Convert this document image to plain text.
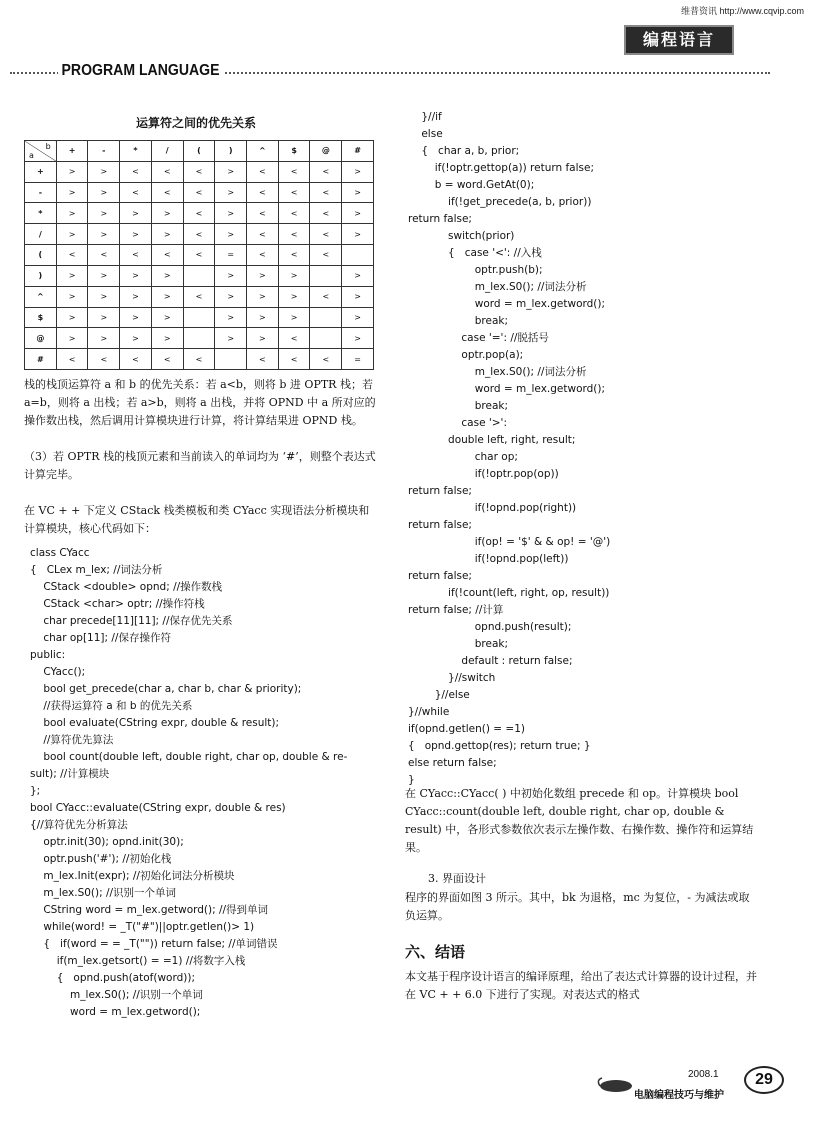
维普资讯 http://www.cqvip.com
编程语言
PROGRAM LANGUAGE
运算符之间的优先关系
b
a	+	-	*	/	(	)	^	$	@	#
+	>	>	<	<	<	>	<	<	<	>
-	>	>	<	<	<	>	<	<	<	>
*	>	>	>	>	<	>	<	<	<	>
/	>	>	>	>	<	>	<	<	<	>
(	<	<	<	<	<	=	<	<	<	
)	>	>	>	>		>	>	>		>
^	>	>	>	>	<	>	>	>	<	>
$	>	>	>	>		>	>	>		>
@	>	>	>	>		>	>	<		>
#	<	<	<	<	<		<	<	<	=
栈的栈顶运算符 a 和 b 的优先关系：若 a<b，则将 b 进 OPTR 栈；若 a=b，则将 a 出栈；若 a>b，则将 a 出栈，并将 OPND 中 a 所对应的操作数出栈，然后调用计算模块进行计算，将计算结果进 OPND 栈。
（3）若 OPTR 栈的栈顶元素和当前读入的单词均为 ‘#’，则整个表达式计算完毕。
在 VC + + 下定义 CStack 栈类模板和类 CYacc 实现语法分析模块和计算模块，核心代码如下：
class CYacc
{   CLex m_lex; //词法分析
CStack <double> opnd; //操作数栈
CStack <char> optr; //操作符栈
char precede[11][11]; //保存优先关系
char op[11]; //保存操作符
public:
CYacc();
bool get_precede(char a, char b, char & priority);
//获得运算符 a 和 b 的优先关系
bool evaluate(CString expr, double & result);
//算符优先算法
bool count(double left, double right, char op, double & re-
sult); //计算模块
};
bool CYacc::evaluate(CString expr, double & res)
{//算符优先分析算法
optr.init(30); opnd.init(30);
optr.push('#'); //初始化栈
m_lex.Init(expr); //初始化词法分析模块
m_lex.S0(); //识别一个单词
CString word = m_lex.getword(); //得到单词
while(word! = _T("#")||optr.getlen()> 1)
{   if(word = = _T("")) return false; //单词错误
if(m_lex.getsort() = =1) //将数字入栈
{   opnd.push(atof(word));
m_lex.S0(); //识别一个单词
word = m_lex.getword();
}//if
else
{   char a, b, prior;
if(!optr.gettop(a)) return false;
b = word.GetAt(0);
if(!get_precede(a, b, prior))
return false;
switch(prior)
{   case '<': //入栈
optr.push(b);
m_lex.S0(); //词法分析
word = m_lex.getword();
break;
case '=': //脱括号
optr.pop(a);
m_lex.S0(); //词法分析
word = m_lex.getword();
break;
case '>':
double left, right, result;
char op;
if(!optr.pop(op))
return false;
if(!opnd.pop(right))
return false;
if(op! = '$' & & op! = '@')
if(!opnd.pop(left))
return false;
if(!count(left, right, op, result))
return false; //计算
opnd.push(result);
break;
default : return false;
}//switch
}//else
}//while
if(opnd.getlen() = =1)
{   opnd.gettop(res); return true; }
else return false;
}
在 CYacc::CYacc( ) 中初始化数组 precede 和 op。计算模块 bool CYacc::count(double left, double right, char op, double & result) 中，各形式参数依次表示左操作数、右操作数、操作符和运算结果。
3. 界面设计
程序的界面如图 3 所示。其中，bk 为退格，mc 为复位，- 为减法或取负运算。
六、结语
本文基于程序设计语言的编译原理，给出了表达式计算器的设计过程，并在 VC + + 6.0 下进行了实现。对表达式的格式
2008.1	29
电脑编程技巧与维护
